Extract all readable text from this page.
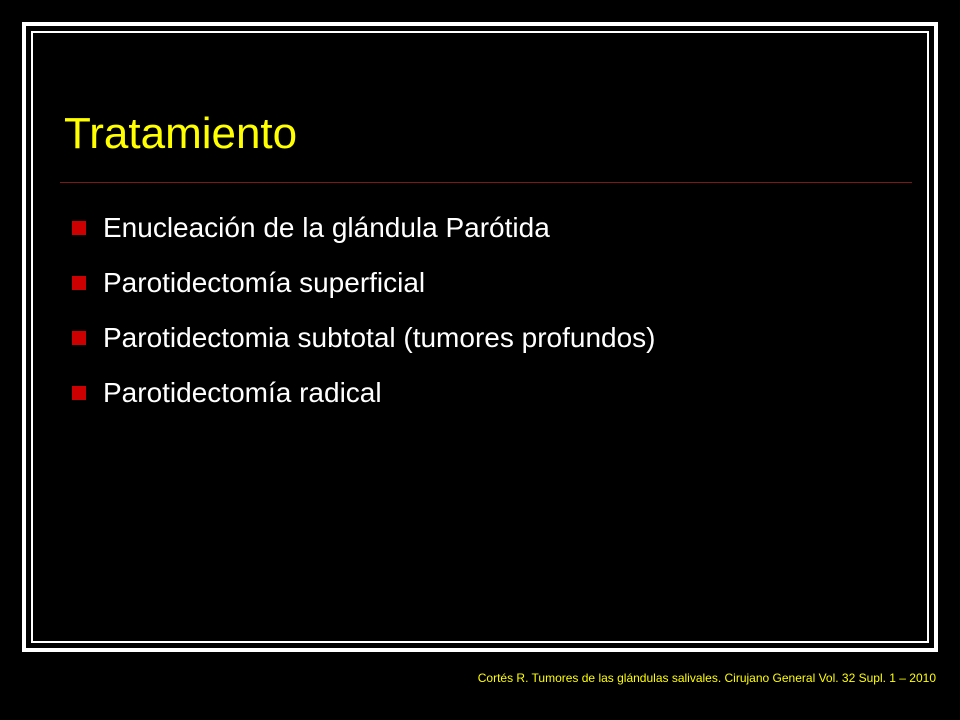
Tratamiento
Enucleación de la glándula Parótida
Parotidectomía superficial
Parotidectomia subtotal (tumores profundos)
Parotidectomía radical
Cortés R. Tumores de las glándulas salivales. Cirujano General Vol. 32 Supl. 1 – 2010
